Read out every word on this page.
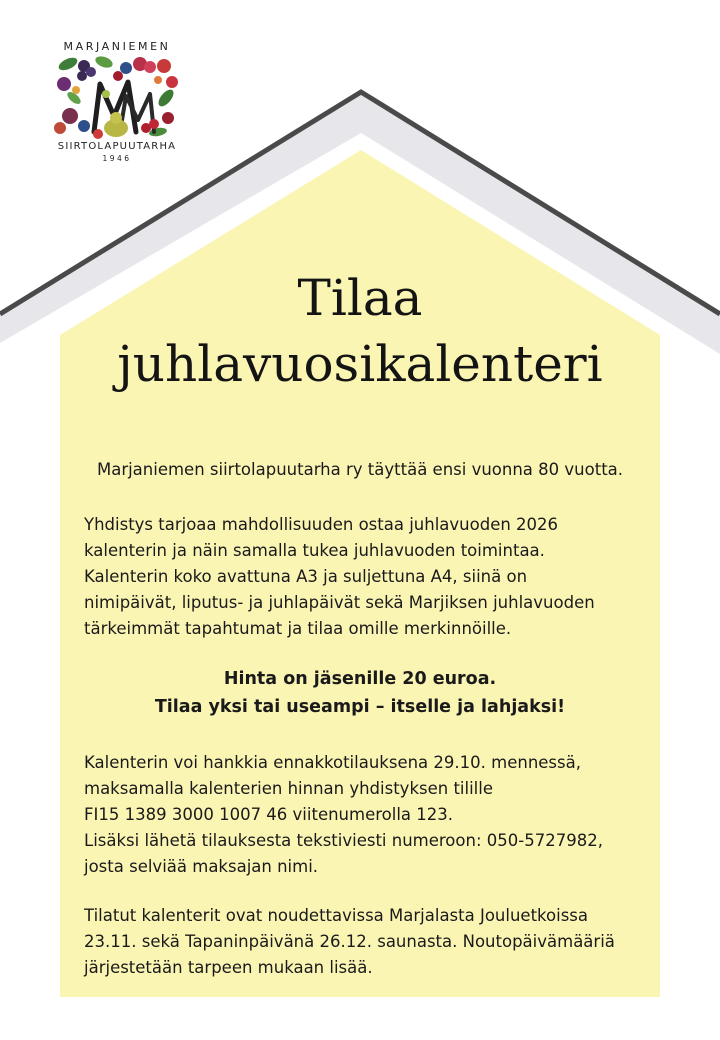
MARJANIEMEN
SIIRTOLAPUUTARHA
1946
Tilaa
juhlavuosikalenteri
Marjaniemen siirtolapuutarha ry täyttää ensi vuonna 80 vuotta.
Yhdistys tarjoaa mahdollisuuden ostaa juhlavuoden 2026
kalenterin ja näin samalla tukea juhlavuoden toimintaa.
Kalenterin koko avattuna A3 ja suljettuna A4, siinä on
nimipäivät, liputus- ja juhlapäivät sekä Marjiksen juhlavuoden
tärkeimmät tapahtumat ja tilaa omille merkinnöille.
Hinta on jäsenille 20 euroa.
Tilaa yksi tai useampi – itselle ja lahjaksi!
Kalenterin voi hankkia ennakkotilauksena 29.10. mennessä,
maksamalla kalenterien hinnan yhdistyksen tilille
FI15 1389 3000 1007 46 viitenumerolla 123.
Lisäksi lähetä tilauksesta tekstiviesti numeroon: 050-5727982,
josta selviää maksajan nimi.
Tilatut kalenterit ovat noudettavissa Marjalasta Jouluetkoissa
23.11. sekä Tapaninpäivänä 26.12. saunasta. Noutopäivämääriä
järjestetään tarpeen mukaan lisää.
